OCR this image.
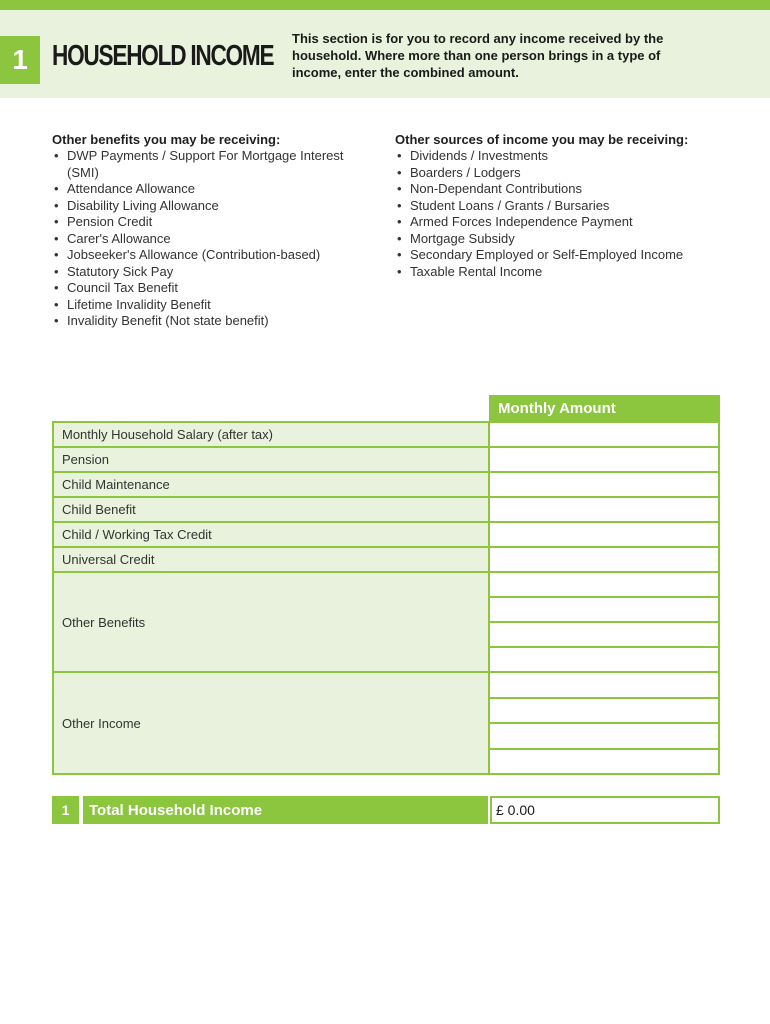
1 HOUSEHOLD INCOME
This section is for you to record any income received by the household. Where more than one person brings in a type of income, enter the combined amount.
Other benefits you may be receiving:
• DWP Payments / Support For Mortgage Interest (SMI)
• Attendance Allowance
• Disability Living Allowance
• Pension Credit
• Carer's Allowance
• Jobseeker's Allowance (Contribution-based)
• Statutory Sick Pay
• Council Tax Benefit
• Lifetime Invalidity Benefit
• Invalidity Benefit (Not state benefit)
Other sources of income you may be receiving:
• Dividends / Investments
• Boarders / Lodgers
• Non-Dependant Contributions
• Student Loans / Grants / Bursaries
• Armed Forces Independence Payment
• Mortgage Subsidy
• Secondary Employed or Self-Employed Income
• Taxable Rental Income
Monthly Amount
Monthly Household Salary (after tax)
Pension
Child Maintenance
Child Benefit
Child / Working Tax Credit
Universal Credit
Other Benefits
Other Income
1	Total Household Income	£ 0.00
